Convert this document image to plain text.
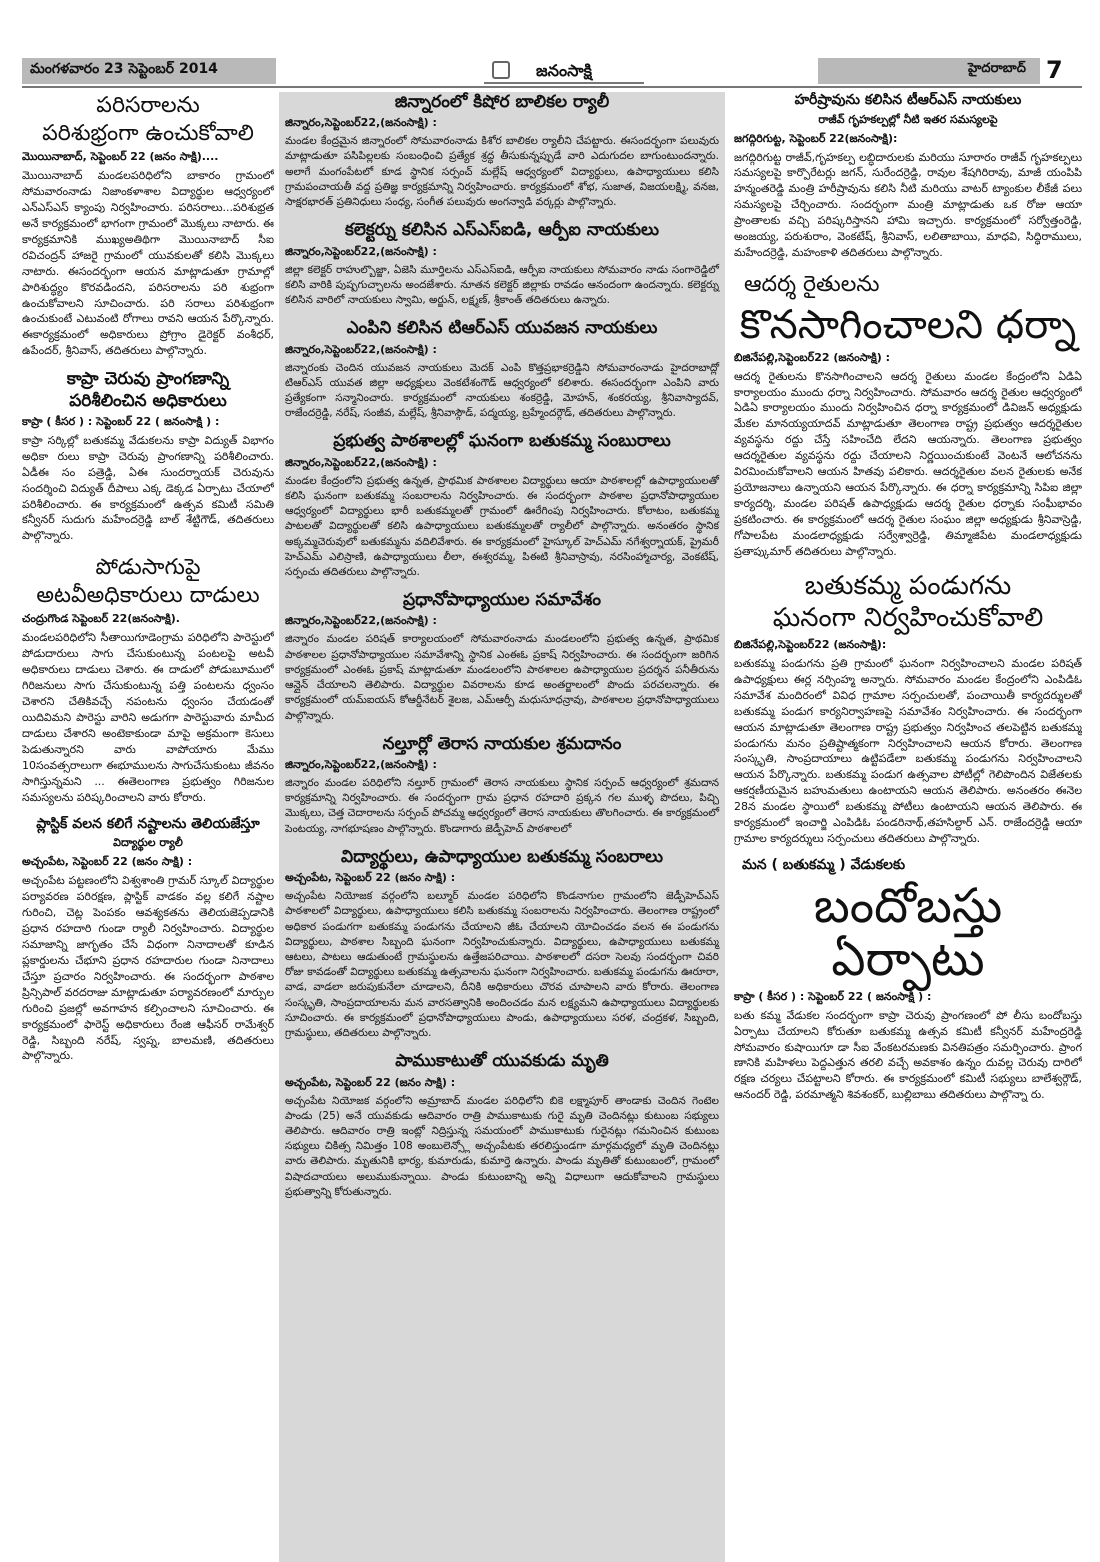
మంగళవారం 23 సెప్టెంబర్ 2014	జనంసాక్షి	హైదరాబాద్ 7
పరిసరాలను
పరిశుభ్రంగా ఉంచుకోవాలి
మొయినాబాద్, సెప్టెంబర్ 22 (జనం సాక్షి)....
మొయినాబాద్ మండలపరిధిలోని బాకారం గ్రామంలో సోమవారంనాడు నిజాంకళాశాల విద్యార్థుల ఆధ్వర్యంలో ఎన్ఎస్ఎస్ క్యాంపు నిర్వహించారు. పరిసరాలు...పరిశుభ్రత అనే కార్యక్రమంలో భాగంగా గ్రామంలో మొక్కలు నాటారు. ఈ కార్యక్రమానికి ముఖ్యఅతిథిగా మొయినాబాద్ సీఐ రవిచంద్రన్ హాజరై గ్రామంలో యువకులతో కలిసి మొక్కలు నాటారు. ఈసందర్భంగా ఆయన మాట్లాడుతూ గ్రామాల్లో పారిశుద్ధ్యం కొరవడిందని, పరిసరాలను పరి శుభ్రంగా ఉంచుకోవాలని సూచించారు. పరి సరాలు పరిశుభ్రంగా ఉంచుకుంటే ఎటువంటి రోగాలు రావని ఆయన పేర్కొన్నారు. ఈకార్యక్రమంలో అధికారులు ప్రోగ్రాం డైరెక్టర్ వంశీధర్, ఉపేందర్, శ్రీనివాస్, తదితరులు పాల్గొన్నారు.
కాప్రా చెరువు ప్రాంగణాన్ని
పరిశీలించిన అధికారులు
కాప్రా ( కీసర ) : సెప్టెంబర్ 22 ( జనంసాక్షి ) :
కాప్రా సర్కిల్లో బతుకమ్మ వేడుకలను కాప్రా విద్యుత్ విభాగం అధికా రులు కాప్రా చెరువు ప్రాంగణాన్ని పరిశీలించారు. ఏడీఈ సం పత్రెడ్డి, ఏఈ సుందర్నాయక్ చెరువును సందర్శించి విద్యుత్ దీపాలు ఎక్క డెక్కడ ఏర్పాటు చేయాలో పరిశీలించారు. ఈ కార్యక్రమంలో ఉత్సవ కమిటీ సమితి కన్వీనర్ సుదుగు మహేందర్రెడ్డి బాల్ శేట్టిగౌడ్, తదితరులు పాల్గొన్నారు.
పోడుసాగుపై
అటవీఅధికారులు దాడులు
చంద్రుగొండ సెప్టెంబర్ 22(జనంసాక్షి).
మండలపరిధిలోని సీతాయిగూడెంగ్రామ పరిధిలోని పారెస్టులో పోడుదారులు సాగు చేసుకుంటున్న పంటలపై అటవీ అధికారులు దాడులు చెశారు. ఈ దాడులో పోడుబూములో గిరిజనులు సాగు చేసుకుంటున్న పత్తి పంటలను ధ్వంసం చెశారని చేతికివచ్చే నపంటను ధ్వంసం చేయడంతో యిదివిమని పారెస్టు వారిని అడుగగా పారెస్టువారు మామీద దాడులు చేశారని అంటెకాకుండా మాపై అక్రమంగా కెసులు పెడుతున్నారని వారు వాపోయారు మేము 10సంవత్సరాలుగా ఈభూములను సాగుచేసుకుంటు జీవనం సాగిస్తున్నమని ... ఈతెలంగాణ ప్రభుత్వం గిరిజనుల సమస్యలను పరిష్కరించాలని వారు కోరారు.
ప్లాస్టిక్ వలన కలిగే నష్టాలను తెలియజేస్తూ
విద్యార్థుల ర్యాలీ
అచ్చంపేట, సెప్టెంబర్ 22 (జనం సాక్షి) :
అచ్చంపేట పట్టణంలోని విశ్వశాంతి గ్రామర్ స్కూల్ విద్యార్థుల పర్యావరణ పరిరక్షణ, ప్లాస్టిక్ వాడకం వల్ల కలిగే నష్టాల గురించి, చెట్ల పెంపకం ఆవశ్యకతను తెలియజెప్పడానికి ప్రధాన రహదారి గుండా ర్యాలీ నిర్వహించారు. విద్యార్థుల సమాజాన్ని జాగృతం చేసే విధంగా నినాదాలతో కూడిన ప్లకార్డులను చేభూని ప్రధాన రహదారుల గుండా నినాదాలు చేస్తూ ప్రచారం నిర్వహించారు. ఈ సందర్భంగా పాఠశాల ప్రిన్సిపాల్ వరదరాజు మాట్లాడుతూ పర్యావరణంలో మార్పుల గురించి ప్రజల్లో అవగాహన కల్పించాలని సూచించారు. ఈ కార్యక్రమంలో ఫారెస్ట్ అధికారులు రేంజి ఆఫీసర్ రామేశ్వర్ రెడ్డి, సిబ్బంది నరేష్, స్వప్న, బాలమణి, తదితరులు పాల్గొన్నారు.
జిన్నారంలో కిషోర బాలికల ర్యాలీ
జిన్నారం,సెప్టెంబర్22,(జనంసాక్షి) :
మండల కేంద్రమైన జిన్నారంలో సోమవారంనాడు కిశోర బాలికల ర్యాలీని చేపట్టారు. ఈసందర్భంగా పలువురు మాట్లాడుతూ పసిపిల్లలకు సంబంధించి ప్రత్యేక శ్రద్ధ తీసుకున్నప్పుడే వారి ఎదుగుదల బాగుంటుందన్నారు. అలాగే మంగంపేటలో కూడ స్థానిక సర్పంచ్ మల్లేష్ ఆధ్వర్యంలో విద్యార్థులు, ఉపాధ్యాయులు కలిసి గ్రామపంచాయతీ వద్ద ప్రతిజ్ఞ కార్యక్రమాన్ని నిర్వహించారు. కార్యక్రమంలో శోభ, సుజాత, విజయలక్ష్మి, వనజ, సాక్షరభారత్ ప్రతినిధులు సంధ్య, సంగీత పలువురు అంగన్వాడి వర్కర్లు పాల్గొన్నారు.
కలెక్టర్ను కలిసిన ఎస్ఎస్ఐడి, ఆర్పీఐ నాయకులు
జిన్నారం,సెప్టెంబర్22,(జనంసాక్షి) :
జిల్లా కలెక్టర్ రాహుల్బొజ్జా, ఏజెసి మూర్తిలను ఎస్ఎస్ఐడి, ఆర్పీఐ నాయకులు సోమవారం నాడు సంగారెడ్డిలో కలిసి వారికి పుష్పగుచ్ఛాలను అందజేశారు. నూతన కలెక్టర్ జిల్లాకు రావడం ఆనందంగా ఉందన్నారు. కలెక్టర్ను కలిసిన వారిలో నాయకులు స్వామి, అర్జున్, లక్ష్మణ్, శ్రీకాంత్ తదితరులు ఉన్నారు.
ఎంపిని కలిసిన టిఆర్ఎస్ యువజన నాయకులు
జిన్నారం,సెప్టెంబర్22,(జనంసాక్షి) :
జిన్నారంకు చెందిన యువజన నాయకులు మెదక్ ఎంపి కొత్తప్రభాకర్రెడ్డిని సోమవారంనాడు హైదరాబాద్లో టిఆర్ఎస్ యువత జిల్లా అధ్యక్షులు వెంకటేశంగౌడ్ ఆధ్వర్యంలో కలిశారు. ఈసందర్భంగా ఎంపిని వారు ప్రత్యేకంగా సన్మానించారు. కార్యక్రమంలో నాయకులు శంకర్రెడ్డి, మోహన్, శంకరయ్య, శ్రీనివాస్యాదవ్, రాజేందర్రెడ్డి, నరేష్, సంజీవ, మల్లేష్, శ్రీనివాస్గౌడ్, పద్మయ్య, బ్రహ్మేందర్గౌడ్, తదితరులు పాల్గొన్నారు.
ప్రభుత్వ పాఠశాలల్లో ఘనంగా బతుకమ్మ సంబురాలు
జిన్నారం,సెప్టెంబర్22,(జనంసాక్షి) :
మండల కేంద్రంలోని ప్రభుత్వ ఉన్నత, ప్రాథమిక పాఠశాలల విద్యార్థులు ఆయా పాఠశాలల్లో ఉపాధ్యాయులతో కలిసి ఘనంగా బతుకమ్మ సంబరాలను నిర్వహించారు. ఈ సందర్భంగా పాఠశాల ప్రధానోపాధ్యాయుల ఆధ్వర్యంలో విద్యార్థులు భారీ బతుకమ్మలతో గ్రామంలో ఊరేగింపు నిర్వహించారు. కోలాటం, బతుకమ్మ పాటలతో విద్యార్థులతో కలిసి ఉపాధ్యాయులు బతుకమ్మలతో ర్యాలీలో పాల్గొన్నారు. అనంతరం స్థానిక అక్కమ్మచెరువులో బతుకమ్మను వదిలివేశారు. ఈ కార్యక్రమంలో హైస్కూల్ హెచ్ఎమ్ నగేశ్వర్నాయక్, ప్రైమరీ హెచ్ఎమ్ ఎలిస్రాణి, ఉపాధ్యాయులు లీలా, ఈశ్వరమ్మ, పిఈటి శ్రీనివాస్రావు, నరసింహ్మాచార్య, వెంకటేష్, సర్పంచు తదితరులు పాల్గొన్నారు.
ప్రధానోపాధ్యాయుల సమావేశం
జిన్నారం,సెప్టెంబర్22,(జనంసాక్షి) :
జిన్నారం మండల పరిషత్ కార్యాలయంలో సోమవారంనాడు మండలంలోని ప్రభుత్వ ఉన్నత, ప్రాథమిక పాఠశాలల ప్రధానోపాధ్యాయుల సమావేశాన్ని స్థానిక ఎంఈఓ ప్రకాష్ నిర్వహించారు. ఈ సందర్భంగా జరిగిన కార్యక్రమంలో ఎంఈఓ ప్రకాష్ మాట్లాడుతూ మండలంలోని పాఠశాలల ఉపాధ్యాయుల ప్రదర్శన పనీతీరును ఆన్లైన్ చేయాలని తెలిపారు. విద్యార్థుల వివరాలను కూడ అంతర్జాలంలో పొందు పరచలన్నారు. ఈ కార్యక్రమంలో యమ్ఐయస్ కోఆర్డీనేటర్ శైలజ, ఎమ్ఆర్పీ మధుసూధన్రావు, పాఠశాలల ప్రధానోపాధ్యాయులు పాల్గొన్నారు.
నల్తూర్లో తెరాస నాయకుల శ్రమదానం
జిన్నారం,సెప్టెంబర్22,(జనంసాక్షి) :
జిన్నారం మండల పరిధిలోని నల్తూర్ గ్రామంలో తెరాస నాయకులు స్థానిక సర్పంచ్ ఆధ్వర్యంలో శ్రమదాన కార్యక్రమాన్ని నిర్వహించారు. ఈ సందర్భంగా గ్రామ ప్రధాన రహదారి ప్రక్కన గల ముళ్ళ పొదలు, పిచ్చి మొక్కలు, చెత్త చెదారాలను సర్పంచ్ పోచమ్మ ఆధ్వర్యంలో తెరాస నాయకులు తొలగించారు. ఈ కార్యక్రమంలో పెంటయ్య, నాగభూషణం పాల్గొన్నారు. కొండాగారు జెడ్పీహెచ్ పాఠశాలలో
విద్యార్థులు, ఉపాధ్యాయుల బతుకమ్మ సంబరాలు
అచ్చంపేట, సెప్టెంబర్ 22 (జనం సాక్షి) :
అచ్చంపేట నియోజక వర్గంలోని బల్మూర్ మండల పరిధిలోని కొండనాగుల గ్రామంలోని జెడ్పీహెచ్ఎస్ పాఠశాలలో విద్యార్థులు, ఉపాధ్యాయులు కలిసి బతుకమ్మ సంబరాలను నిర్వహించారు. తెలంగాణ రాష్ట్రంలో అధికార పండుగగా బతుకమ్మ పండుగను చేయాలని జీఓ చేయాలని యోచించడం వలన ఈ పండుగను విద్యార్థులు, పాఠశాల సిబ్బంది ఘనంగా నిర్వహించుకున్నారు. విద్యార్థులు, ఉపాధ్యాయులు బతుకమ్మ ఆటలు, పాటలు ఆడుతుంటే గ్రామస్థులను ఉత్తేజపరిచాయి. పాఠశాలలో దసరా సెలవు సందర్భంగా చివరి రోజు కావడంతో విద్యార్థులు బతుకమ్మ ఉత్సవాలను ఘనంగా నిర్వహించారు. బతుకమ్మ పండుగను ఊరూరా, వాడ, వాడలా జరుపుకునేలా చూడాలని, దీనికి అధికారులు చొరవ చూపాలని వారు కోరారు. తెలంగాణ సంస్కృతి, సాంప్రదాయాలను మన వారసత్వానికి అందించడం మన లక్ష్యమని ఉపాధ్యాయులు విద్యార్థులకు సూచించారు. ఈ కార్యక్రమంలో ప్రధానోపాధ్యాయులు పాండు, ఉపాధ్యాయులు సరళ, చంద్రకళ, సిబ్బంది, గ్రామస్థులు, తదితరులు పాల్గొన్నారు.
పాముకాటుతో యువకుడు మృతి
అచ్చంపేట, సెప్టెంబర్ 22 (జనం సాక్షి) :
అచ్చంపేట నియోజక వర్గంలోని అమ్రాబాద్ మండల పరిధిలోని బికె లక్ష్మాపూర్ తాండాకు చెందిన గెంటెల పాండు (25) అనే యువకుడు ఆదివారం రాత్రి పాముకాటుకు గురై మృతి చెందినట్లు కుటుంబ సభ్యులు తెలిపారు. ఆదివారం రాత్రి ఇంట్లో నిద్రిస్తున్న సమయంలో పాముకాటుకు గురైనట్లు గమనించిన కుటుంబ సభ్యులు చికిత్స నిమిత్తం 108 అంబులెన్స్లో అచ్చంపేటకు తరలిస్తుండగా మార్గమధ్యలో మృతి చెందినట్లు వారు తెలిపారు. మృతునికి భార్య, కుమారుడు, కుమార్తె ఉన్నారు. పాండు మృతితో కుటుంబంలో, గ్రామంలో విషాదచాయలు అలుముకున్నాయి. పాండు కుటుంబాన్ని అన్ని విధాలుగా ఆదుకోవాలని గ్రామస్థులు ప్రభుత్వాన్ని కోరుతున్నారు.
హరీష్రావును కలిసిన టీఆర్ఎస్ నాయకులు
రాజీవ్ గృహకల్పల్లో నీటి ఇతర సమస్యలపై
జగద్గిరిగుట్ట, సెప్టెంబర్ 22(జనంసాక్షి):
జగద్గిరిగుట్ట రాజీవ్,గృహకల్ప లబ్ధిదారులకు మరియు సూరారం రాజీవ్ గృహకల్పలు సమస్యలపై కార్పొరేటర్లు జగన్, సురేందర్రెడ్డి, రావుల శేషగిరిరావు, మాజీ యంపిపి హన్మంతరెడ్డి మంత్రి హరీష్రావును కలిసి నీటి మరియు వాటర్ ట్యాంకుల లీకేజీ పలు సమస్యలపై చేర్చించారు. సందర్భంగా మంత్రి మాట్లాడుతు ఒక రోజు ఆయా ప్రాంతాలకు వచ్చి పరిష్కరిస్తానని హామి ఇచ్చారు. కార్యక్రమంలో సర్వోత్తంరెడ్డి, అంజయ్య, పరుశురాం, వెంకటేష్, శ్రీనివాస్, లలితాబాయి, మాధవి, సిద్ధిరాములు, మహేందర్రెడ్డి, మహంకాళి తదితరులు పాల్గొన్నారు.
ఆదర్శ రైతులను
కొనసాగించాలని ధర్నా
బిజినేపల్లి,సెప్టెంబర్22 (జనంసాక్షి) :
ఆదర్శ రైతులను కొనసాగించాలని ఆదర్శ రైతులు మండల కేంద్రంలోని ఏడిఏ కార్యాలయం ముందు ధర్నా నిర్వహించారు. సోమవారం ఆదర్శ రైతుల ఆధ్వర్యంలో ఏడిఏ కార్యాలయం ముందు నిర్వహించిన ధర్నా కార్యక్రమంలో డివిజన్ అధ్యక్షుడు మేకల మానయ్యయాదవ్ మాట్లాడుతూ తెలంగాణ రాష్ట్ర ప్రభుత్వం ఆదర్శరైతుల వ్యవస్థను రద్దు చేస్తే సహించేది లేదని ఆయన్నారు. తెలంగాణ ప్రభుత్వం ఆదర్శరైతుల వ్యవస్థను రద్దు చేయాలని నిర్ణయించుకుంటే వెంటనే ఆలోచనను విరమించుకోవాలని ఆయన హితవు పలికారు. ఆదర్శరైతుల వలన రైతులకు అనేక ప్రయోజనాలు ఉన్నాయని ఆయన పేర్కొన్నారు. ఈ ధర్నా కార్యక్రమాన్ని సిపిఐ జిల్లా కార్యదర్శి, మండల పరిషత్ ఉపాధ్యక్షుడు ఆదర్శ రైతుల ధర్నాకు సంఘీభావం ప్రకటించారు. ఈ కార్యక్రమంలో ఆదర్శ రైతుల సంఘం జిల్లా అధ్యక్షుడు శ్రీనివాస్రెడ్డి, గోపాలపేట మండలాధ్యక్షుడు సర్వేశ్వార్రెడ్డి, తిమ్మాజిపేట మండలాధ్యక్షుడు ప్రతాప్కుమార్ తదితరులు పాల్గొన్నారు.
బతుకమ్మ పండుగను
ఘనంగా నిర్వహించుకోవాలి
బిజినేపల్లి,సెప్టెంబర్22 (జనంసాక్షి):
బతుకమ్మ పండుగను ప్రతి గ్రామంలో ఘనంగా నిర్వహించాలని మండల పరిషత్ ఉపాధ్యక్షులు ఈర్ల నర్సింహ్మ అన్నారు. సోమవారం మండల కేంద్రంలోని ఎంపిడిఓ సమావేశ మందిరంలో వివిధ గ్రామాల సర్పంచులతో, పంచాయితీ కార్యదర్శులతో బతుకమ్మ పండుగ కార్యనిర్వాహణపై సమావేశం నిర్వహించారు. ఈ సందర్భంగా ఆయన మాట్లాడుతూ తెలంగాణ రాష్ట్ర ప్రభుత్వం నిర్వహించ తలపెట్టిన బతుకమ్మ పండుగను మనం ప్రతిష్టాత్మకంగా నిర్వహించాలని ఆయన కోరారు. తెలంగాణ సంస్కృతి, సాంప్రదాయాలు ఉట్టిపడేలా బతుకమ్మ పండుగను నిర్వహించాలని ఆయన పేర్కొన్నారు. బతుకమ్మ పండుగ ఉత్సవాల పోటీల్లో గెలిపొందిన విజేతలకు ఆకర్షణీయమైన బహుమతులు ఉంటాయని ఆయన తెలిపారు. అనంతరం ఈనెల 28న మండల స్థాయిలో బతుకమ్మ పోటీలు ఉంటాయని ఆయన తెలిపారు. ఈ కార్యక్రమంలో ఇంచార్జి ఎంపిడిఓ పండరినాథ్,తహసిల్దార్ ఎన్. రాజేందర్రెడ్డి ఆయా గ్రామాల కార్యదర్శులు సర్పంచులు తదితరులు పాల్గొన్నారు.
మన ( బతుకమ్మ ) వేడుకలకు
బందోబస్తు ఏర్పాటు
కాప్రా ( కీసర ) : సెప్టెంబర్ 22 ( జనంసాక్షి ) :
బతు కమ్మ వేడుకల సందర్భంగా కాప్రా చెరువు ప్రాంగణంలో పో లీసు బందోబస్తు ఏర్పాటు చేయాలని కోరుతూ బతుకమ్మ ఉత్సవ కమిటీ కన్వీనర్ మహేంద్రరెడ్డి సోమవారం కుషాయిగూ డా సీఐ వేంకటరమణకు వినతిపత్రం సమర్పించారు. ప్రాంగ ణానికి మహిళలు పెద్దఎత్తున తరలి వచ్చే అవకాశం ఉన్నం దువల్ల చెరువు దారిలో రక్షణ చర్యలు చేపట్టాలని కోరారు. ఈ కార్యక్రమంలో కమిటీ సభ్యులు బాలేశ్వర్గౌడ్, ఆనందర్ రెడ్డి, పరమాత్మని శివశంకర్, బుల్లిబాబు తదితరులు పాల్గొన్నా రు.
